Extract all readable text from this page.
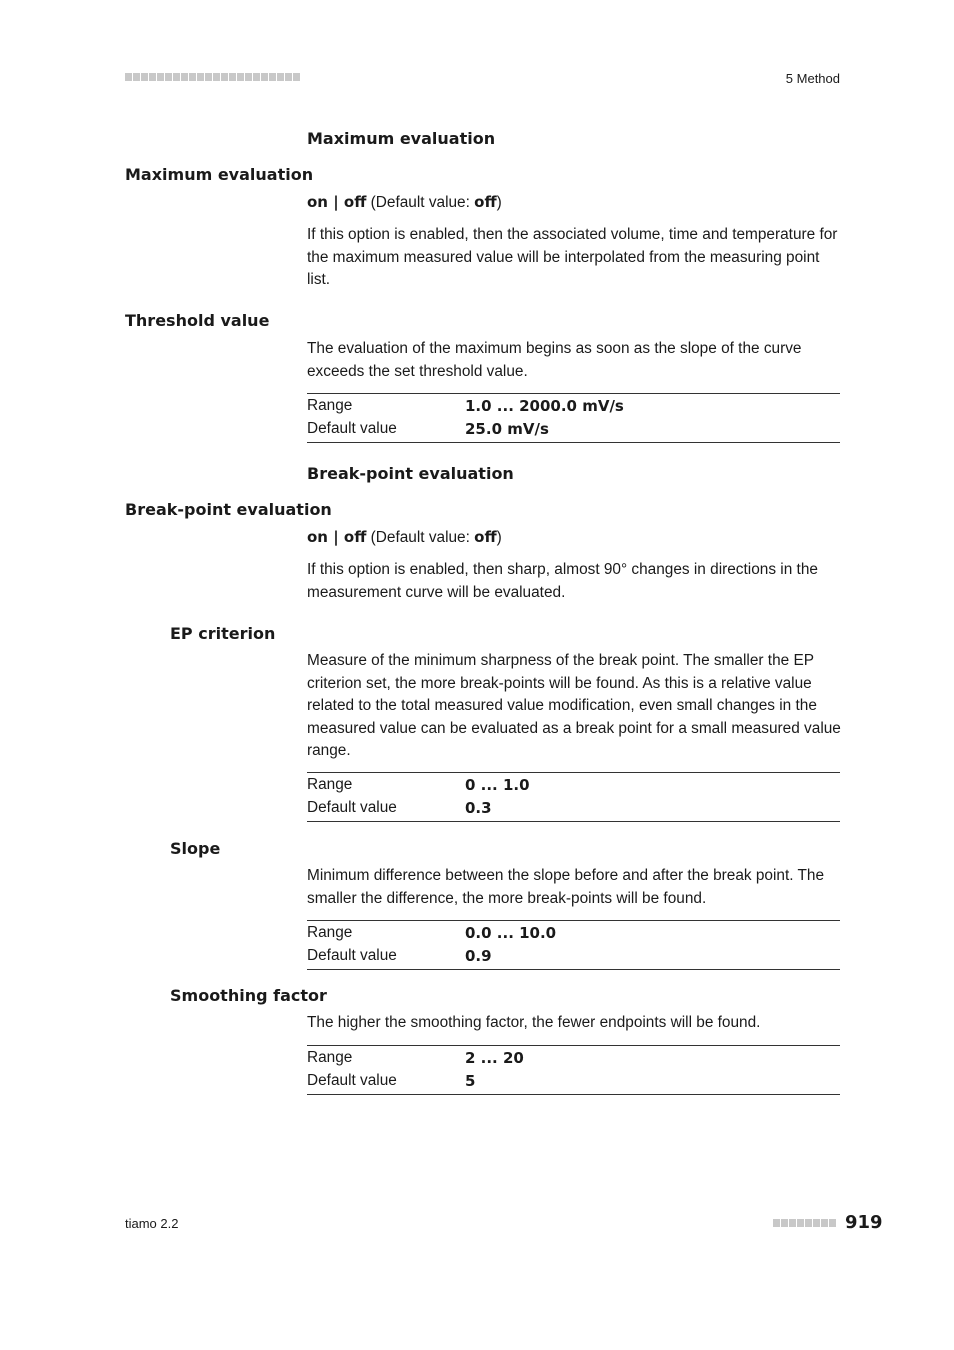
5 Method
Maximum evaluation
Maximum evaluation
on | off (Default value: off)
If this option is enabled, then the associated volume, time and temperature for the maximum measured value will be interpolated from the measuring point list.
Threshold value
The evaluation of the maximum begins as soon as the slope of the curve exceeds the set threshold value.
Range	1.0 ... 2000.0 mV/s
Default value	25.0 mV/s
Break-point evaluation
Break-point evaluation
on | off (Default value: off)
If this option is enabled, then sharp, almost 90° changes in directions in the measurement curve will be evaluated.
EP criterion
Measure of the minimum sharpness of the break point. The smaller the EP criterion set, the more break-points will be found. As this is a relative value related to the total measured value modification, even small changes in the measured value can be evaluated as a break point for a small measured value range.
Range	0 ... 1.0
Default value	0.3
Slope
Minimum difference between the slope before and after the break point. The smaller the difference, the more break-points will be found.
Range	0.0 ... 10.0
Default value	0.9
Smoothing factor
The higher the smoothing factor, the fewer endpoints will be found.
Range	2 ... 20
Default value	5
tiamo 2.2	919
